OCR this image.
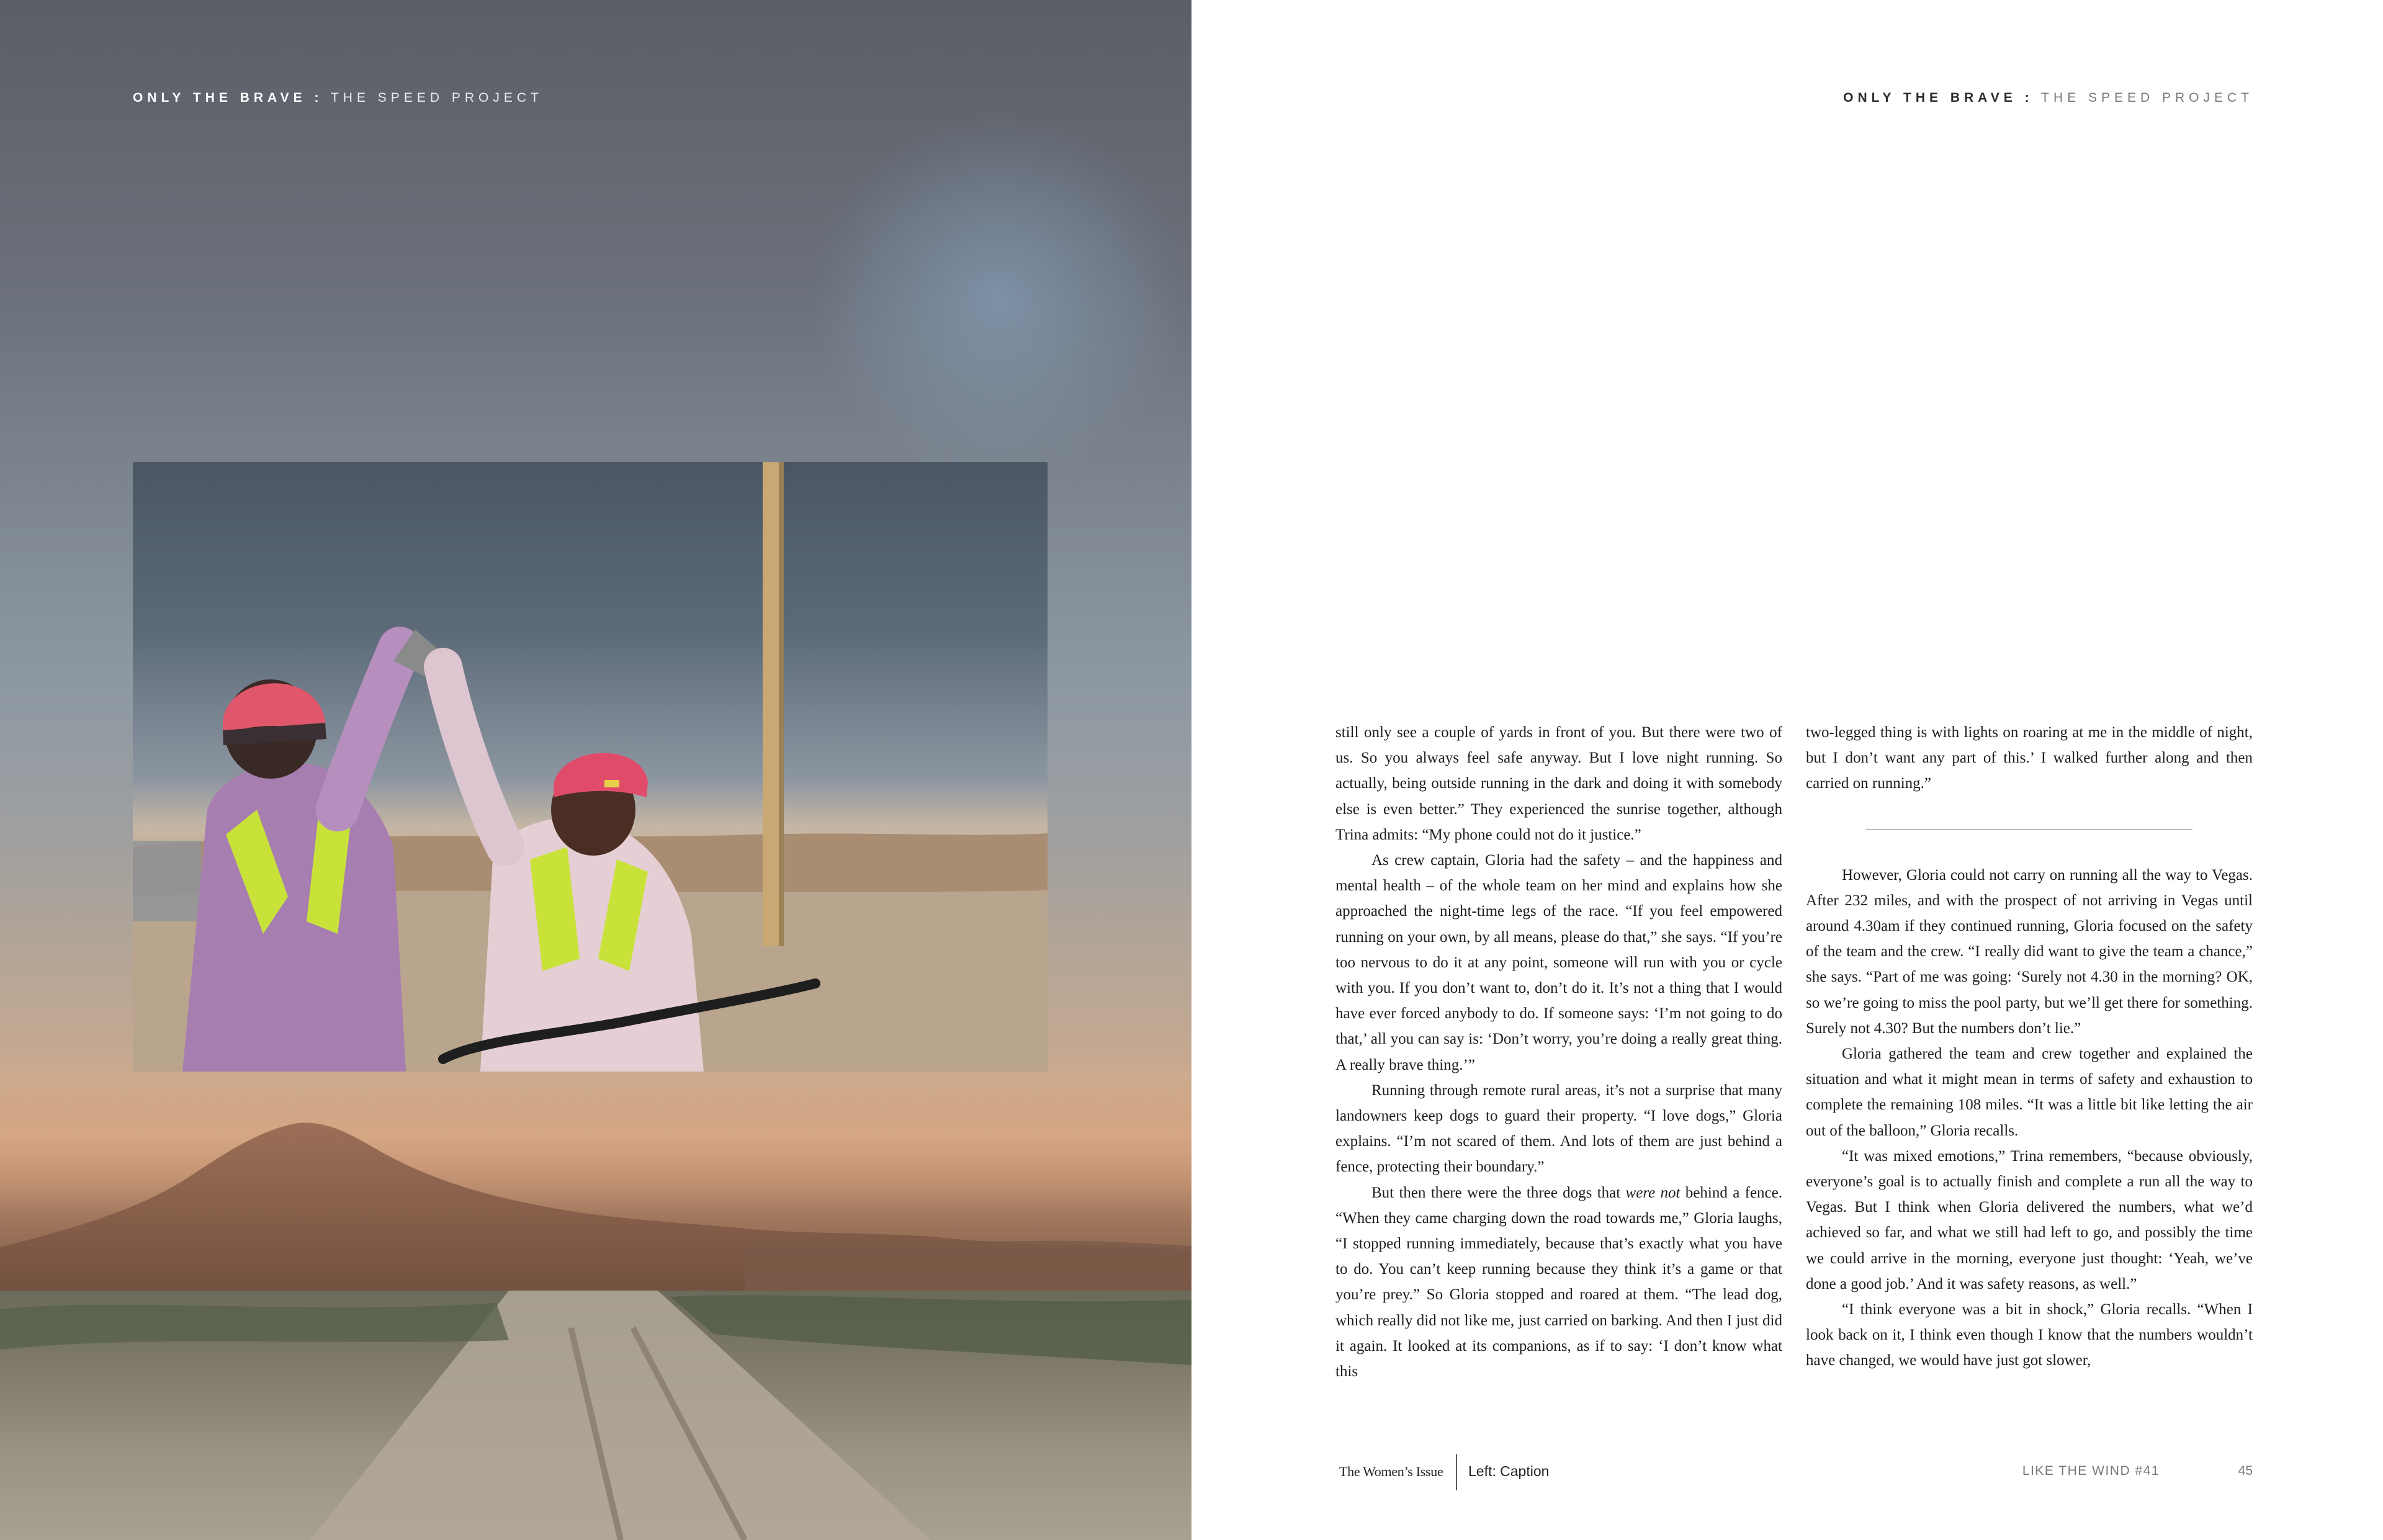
ONLY THE BRAVE : THE SPEED PROJECT	ONLY THE BRAVE : THE SPEED PROJECT

still only see a couple of yards in front of you. But there were two of us. So you always feel safe anyway. But I love night running. So actually, being outside running in the dark and doing it with somebody else is even better.” They experienced the sunrise together, although Trina admits: “My phone could not do it justice.”

As crew captain, Gloria had the safety – and the happiness and mental health – of the whole team on her mind and explains how she approached the night-time legs of the race. “If you feel empowered running on your own, by all means, please do that,” she says. “If you’re too nervous to do it at any point, someone will run with you or cycle with you. If you don’t want to, don’t do it. It’s not a thing that I would have ever forced anybody to do. If someone says: ‘I’m not going to do that,’ all you can say is: ‘Don’t worry, you’re doing a really great thing. A really brave thing.’”

Running through remote rural areas, it’s not a surprise that many landowners keep dogs to guard their property. “I love dogs,” Gloria explains. “I’m not scared of them. And lots of them are just behind a fence, protecting their boundary.”

But then there were the three dogs that were not behind a fence. “When they came charging down the road towards me,” Gloria laughs, “I stopped running immediately, because that’s exactly what you have to do. You can’t keep running because they think it’s a game or that you’re prey.” So Gloria stopped and roared at them. “The lead dog, which really did not like me, just carried on barking. And then I just did it again. It looked at its companions, as if to say: ‘I don’t know what this

two-legged thing is with lights on roaring at me in the middle of night, but I don’t want any part of this.’ I walked further along and then carried on running.”

However, Gloria could not carry on running all the way to Vegas. After 232 miles, and with the prospect of not arriving in Vegas until around 4.30am if they continued running, Gloria focused on the safety of the team and the crew. “I really did want to give the team a chance,” she says. “Part of me was going: ‘Surely not 4.30 in the morning? OK, so we’re going to miss the pool party, but we’ll get there for something. Surely not 4.30? But the numbers don’t lie.”

Gloria gathered the team and crew together and explained the situation and what it might mean in terms of safety and exhaustion to complete the remaining 108 miles. “It was a little bit like letting the air out of the balloon,” Gloria recalls.

“It was mixed emotions,” Trina remembers, “because obviously, everyone’s goal is to actually finish and complete a run all the way to Vegas. But I think when Gloria delivered the numbers, what we’d achieved so far, and what we still had left to go, and possibly the time we could arrive in the morning, everyone just thought: ‘Yeah, we’ve done a good job.’ And it was safety reasons, as well.”

“I think everyone was a bit in shock,” Gloria recalls. “When I look back on it, I think even though I know that the numbers wouldn’t have changed, we would have just got slower,

The Women’s Issue Left: Caption	LIKE THE WIND #41	45
